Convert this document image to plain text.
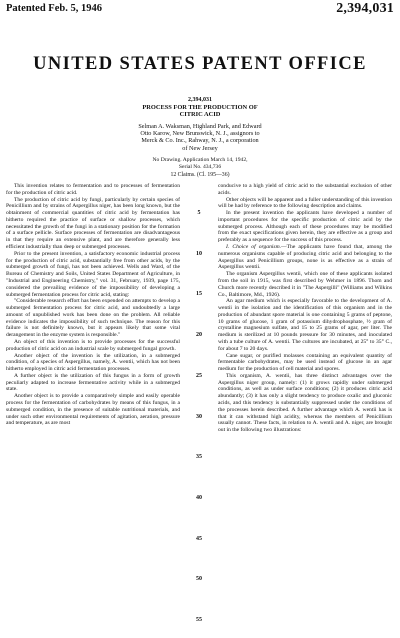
Patented Feb. 5, 1946	2,394,031
UNITED STATES PATENT OFFICE
2,394,031
PROCESS FOR THE PRODUCTION OF
CITRIC ACID
Selman A. Waksman, Highland Park, and Edward
Otto Karow, New Brunswick, N. J., assignors to
Merck & Co. Inc., Rahway, N. J., a corporation
of New Jersey
No Drawing. Application March 14, 1942,
Serial No. 434,736
12 Claims. (Cl. 195—36)

This invention relates to fermentation and to processes of fermentation for the production of citric acid.

The production of citric acid by fungi, particularly by certain species of Penicillium and by strains of Aspergillus niger, has been long known, but the obtainment of commercial quantities of citric acid by fermentation has hitherto required the practice of surface or shallow processes, which necessitated the growth of the fungi in a stationary position for the formation of a surface pellicle. Surface processes of fermentation are disadvantageous in that they require an extensive plant, and are therefore generally less efficient industrially than deep or submerged processes.

Prior to the present invention, a satisfactory economic industrial process for the production of citric acid, substantially free from other acids, by the submerged growth of fungi, has not been achieved. Wells and Ward, of the Bureau of Chemistry and Soils, United States Department of Agriculture, in "Industrial and Engineering Chemistry," vol. 31, February, 1939, page 175, considered the prevailing evidence of the impossibility of developing a submerged fermentation process for citric acid, stating:

"Considerable research effort has been expended on attempts to develop a submerged fermentation process for citric acid, and undoubtedly a large amount of unpublished work has been done on the problem. All reliable evidence indicates the impossibility of such technique. The reason for this failure is not definitely known, but it appears likely that some vital derangement in the enzyme system is responsible."

An object of this invention is to provide processes for the successful production of citric acid on an industrial scale by submerged fungal growth.

Another object of the invention is the utilization, in a submerged condition, of a species of Aspergillus, namely, A. wentii, which has not been hitherto employed in citric acid fermentation processes.

A further object is the utilization of this fungus in a form of growth peculiarly adapted to increase fermentative activity while in a submerged state.

Another object is to provide a comparatively simple and easily operable process for the fermentation of carbohydrates by means of this fungus, in a submerged condition, in the presence of suitable nutritional materials, and under such other environmental requirements of agitation, aeration, pressure and temperature, as are most

5
10
15
20
25
30
35
40
45
50
55

conducive to a high yield of citric acid to the substantial exclusion of other acids.

Other objects will be apparent and a fuller understanding of this invention will be had by reference to the following description and claims.

In the present invention the applicants have developed a number of important procedures for the specific production of citric acid by the submerged process. Although each of these procedures may be modified from the exact specifications given herein, they are effective as a group and preferably as a sequence for the success of this process.

I. Choice of organism.—The applicants have found that, among the numerous organisms capable of producing citric acid and belonging to the Aspergillus and Penicillium groups, none is as effective as a strain of Aspergillus wentii.

The organism Aspergillus wentii, which one of these applicants isolated from the soil in 1915, was first described by Wehmer in 1896. Thom and Church more recently described it in "The Aspergilli" (Williams and Wilkins Co., Baltimore, Md., 1926).

An agar medium which is especially favorable to the development of A. wentii in the isolation and the identification of this organism and in the production of abundant spore material is one containing 5 grams of peptone, 10 grams of glucose, 1 gram of potassium dihydrophosphate, ½ gram of crystalline magnesium sulfate, and 15 to 25 grams of agar, per liter. The medium is sterilized at 10 pounds pressure for 30 minutes, and inoculated with a tube culture of A. wentii. The cultures are incubated, at 25° to 35° C., for about 7 to 20 days.

Cane sugar, or purified molasses containing an equivalent quantity of fermentable carbohydrates, may be used instead of glucose in an agar medium for the production of cell material and spores.

This organism, A. wentii, has three distinct advantages over the Aspergillus niger group, namely: (1) it grows rapidly under submerged conditions, as well as under surface conditions; (2) it produces citric acid abundantly; (3) it has only a slight tendency to produce oxalic and gluconic acids, and this tendency is substantially suppressed under the conditions of the processes herein described. A further advantage which A. wentii has is that it can withstand high acidity, whereas the members of Penicillium usually cannot. These facts, in relation to A. wentii and A. niger, are brought out in the following two illustrations:
